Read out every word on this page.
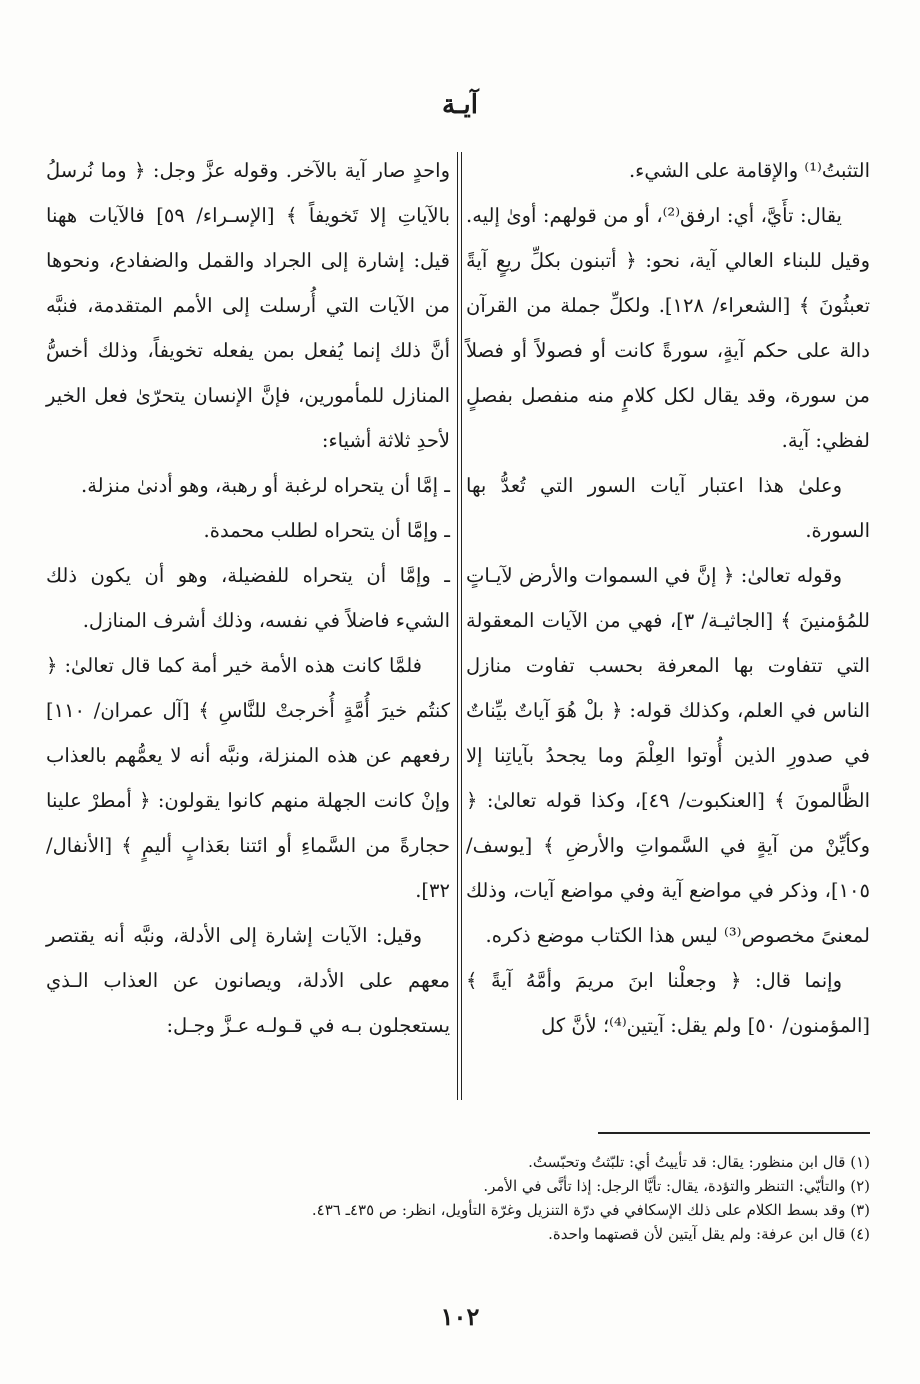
آيـة

التثبتُ⁽¹⁾ والإقامة على الشيء.

يقال: تأَيَّ، أي: ارفق⁽²⁾، أو من قولهم: أوىٰ إليه. وقيل للبناء العالي آية، نحو: ﴿ أتبنون بكلِّ ريعٍ آيةً تعبثُونَ ﴾ [الشعراء/ ١٢٨]. ولكلِّ جملة من القرآن دالة على حكم آيةٍ، سورةً كانت أو فصولاً أو فصلاً من سورة، وقد يقال لكل كلامٍ منه منفصل بفصلٍ لفظي: آية.

وعلىٰ هذا اعتبار آيات السور التي تُعدُّ بها السورة.

وقوله تعالىٰ: ﴿ إنَّ في السموات والأرض لآيـاتٍ للمُؤمنينَ ﴾ [الجاثيـة/ ٣]، فهي من الآيات المعقولة التي تتفاوت بها المعرفة بحسب تفاوت منازل الناس في العلم، وكذلك قوله: ﴿ بلْ هُوَ آياتٌ بيِّناتٌ في صدورِ الذين أُوتوا العِلْمَ وما يجحدُ بآياتِنا إلا الظَّالمونَ ﴾ [العنكبوت/ ٤٩]، وكذا قوله تعالىٰ: ﴿ وكأيِّنْ من آيةٍ في السَّمواتِ والأرضِ ﴾ [يوسف/ ١٠٥]، وذكر في مواضع آية وفي مواضع آيات، وذلك لمعنىً مخصوص⁽³⁾ ليس هذا الكتاب موضع ذكره.

وإنما قال: ﴿ وجعلْنا ابنَ مريمَ وأمَّهُ آيةً ﴾ [المؤمنون/ ٥٠] ولم يقل: آيتين⁽⁴⁾؛ لأنَّ كل

واحدٍ صار آية بالآخر. وقوله عزَّ وجل: ﴿ وما نُرسلُ بالآياتِ إلا تَخويفاً ﴾ [الإسـراء/ ٥٩] فالآيات ههنا قيل: إشارة إلى الجراد والقمل والضفادع، ونحوها من الآيات التي أُرسلت إلى الأمم المتقدمة، فنبَّه أنَّ ذلك إنما يُفعل بمن يفعله تخويفاً، وذلك أخسُّ المنازل للمأمورين، فإنَّ الإنسان يتحرّىٰ فعل الخير لأحدِ ثلاثة أشياء:

ـ إمَّا أن يتحراه لرغبة أو رهبة، وهو أدنىٰ منزلة.

ـ وإمَّا أن يتحراه لطلب محمدة.

ـ وإمَّا أن يتحراه للفضيلة، وهو أن يكون ذلك الشيء فاضلاً في نفسه، وذلك أشرف المنازل.

فلمَّا كانت هذه الأمة خير أمة كما قال تعالىٰ: ﴿ كنتُم خيرَ أُمَّةٍ أُخرجتْ للنَّاسِ ﴾ [آل عمران/ ١١٠] رفعهم عن هذه المنزلة، ونبَّه أنه لا يعمُّهم بالعذاب وإنْ كانت الجهلة منهم كانوا يقولون: ﴿ أمطرْ علينا حجارةً من السَّماءِ أو ائتنا بعَذابٍ أليمٍ ﴾ [الأنفال/ ٣٢].

وقيل: الآيات إشارة إلى الأدلة، ونبَّه أنه يقتصر معهم على الأدلة، ويصانون عن العذاب الـذي يستعجلون بـه في قـولـه عـزَّ وجـل:

(١) قال ابن منظور: يقال: قد تأييتُ أي: تلبّثتُ وتحبّستُ.
(٢) والتأيّي: التنظر والتؤدة، يقال: تأيَّا الرجل: إذا تأنَّى في الأمر.
(٣) وقد بسط الكلام على ذلك الإسكافي في درّة التنزيل وغرّة التأويل، انظر: ص ٤٣٥ـ ٤٣٦.
(٤) قال ابن عرفة: ولم يقل آيتين لأن قصتهما واحدة.
١٠٢
